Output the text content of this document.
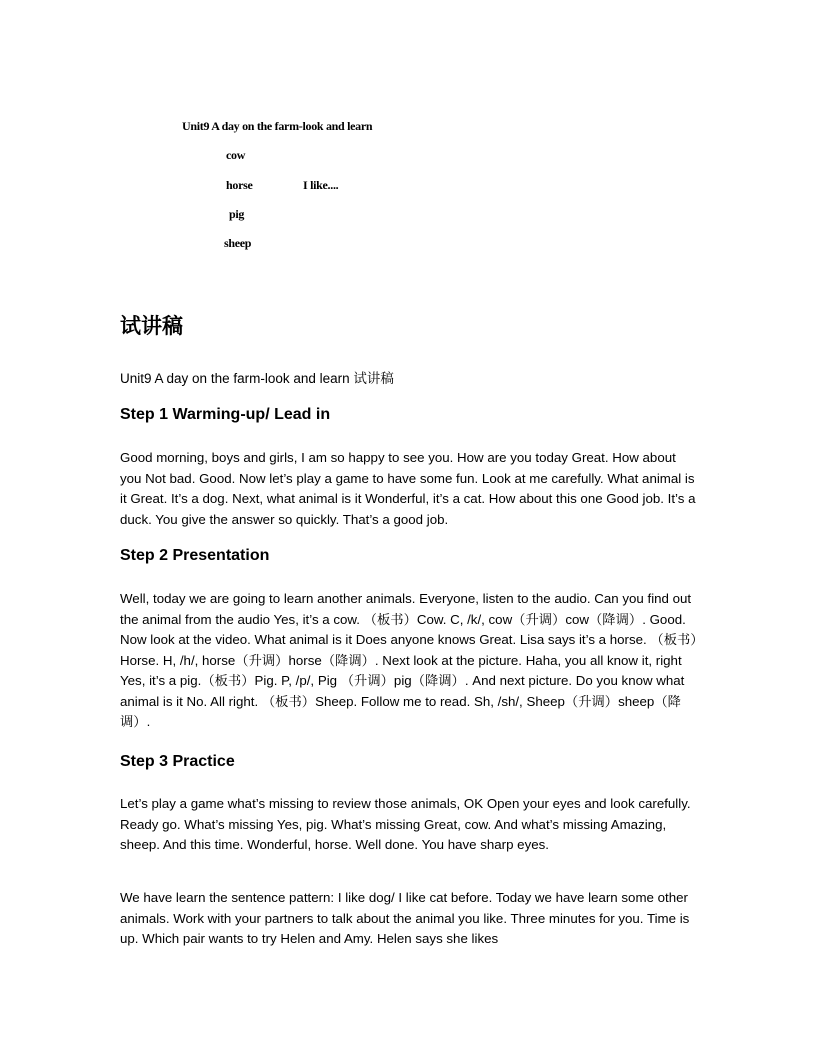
Unit9 A day on the farm-look and learn
cow
horse	I like....
pig
sheep
试讲稿

Unit9 A day on the farm-look and learn 试讲稿

Step 1 Warming-up/ Lead in

Good morning, boys and girls, I am so happy to see you. How are you today Great. How about you Not bad. Good. Now let’s play a game to have some fun. Look at me carefully. What animal is it Great. It’s a dog. Next, what animal is it Wonderful, it’s a cat. How about this one Good job. It’s a duck. You give the answer so quickly. That’s a good job.

Step 2 Presentation

Well, today we are going to learn another animals. Everyone, listen to the audio. Can you find out the animal from the audio Yes, it’s a cow. （板书）Cow. C, /k/, cow（升调）cow（降调）. Good. Now look at the video. What animal is it Does anyone knows Great. Lisa says it’s a horse. （板书）Horse. H, /h/, horse（升调）horse（降调）. Next look at the picture. Haha, you all know it, right Yes, it’s a pig.（板书）Pig. P, /p/, Pig （升调）pig（降调）. And next picture. Do you know what animal is it No. All right. （板书）Sheep. Follow me to read. Sh, /sh/, Sheep（升调）sheep（降调）.

Step 3 Practice

Let’s play a game what’s missing to review those animals, OK Open your eyes and look carefully. Ready go. What’s missing Yes, pig. What’s missing Great, cow. And what’s missing Amazing, sheep. And this time. Wonderful, horse. Well done. You have sharp eyes.

We have learn the sentence pattern: I like dog/ I like cat before. Today we have learn some other animals. Work with your partners to talk about the animal you like. Three minutes for you. Time is up. Which pair wants to try Helen and Amy. Helen says she likes
